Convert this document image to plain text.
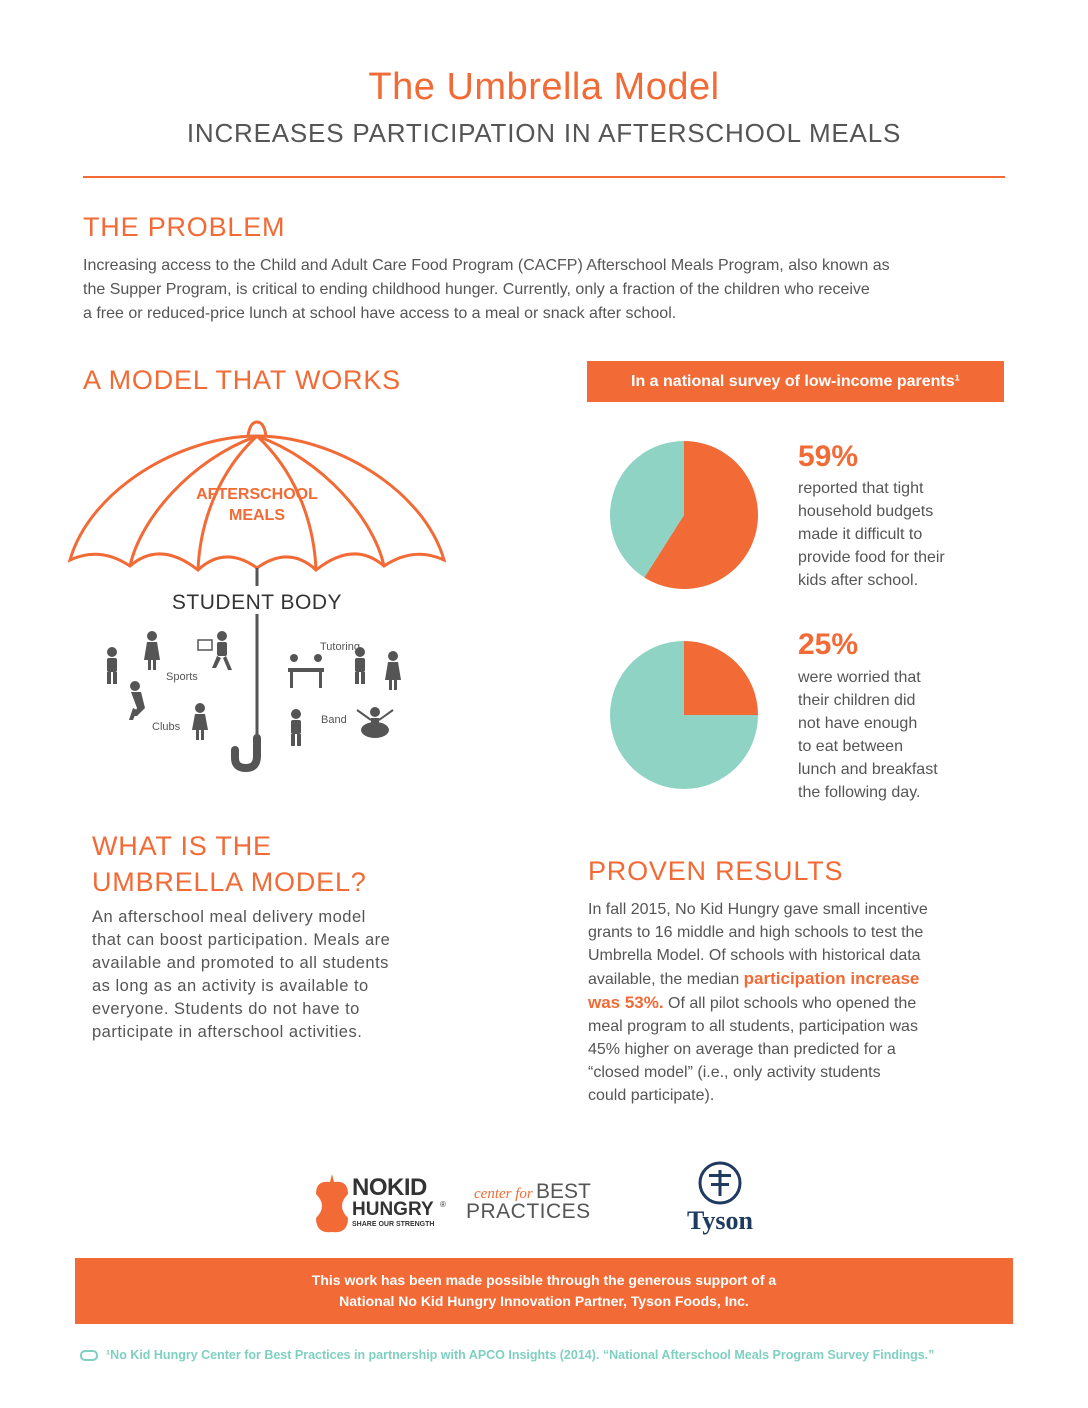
The Umbrella Model
INCREASES PARTICIPATION IN AFTERSCHOOL MEALS
THE PROBLEM
Increasing access to the Child and Adult Care Food Program (CACFP) Afterschool Meals Program, also known as
the Supper Program, is critical to ending childhood hunger. Currently, only a fraction of the children who receive
a free or reduced-price lunch at school have access to a meal or snack after school.
A MODEL THAT WORKS
AFTERSCHOOL
MEALS
STUDENT BODY
Sports
Clubs
Tutoring
Band
In a national survey of low-income parents¹
59%
reported that tight
household budgets
made it difficult to
provide food for their
kids after school.
25%
were worried that
their children did
not have enough
to eat between
lunch and breakfast
the following day.
WHAT IS THE
UMBRELLA MODEL?
An afterschool meal delivery model
that can boost participation. Meals are
available and promoted to all students
as long as an activity is available to
everyone. Students do not have to
participate in afterschool activities.
PROVEN RESULTS
In fall 2015, No Kid Hungry gave small incentive
grants to 16 middle and high schools to test the
Umbrella Model. Of schools with historical data
available, the median participation increase
was 53%. Of all pilot schools who opened the
meal program to all students, participation was
45% higher on average than predicted for a
“closed model” (i.e., only activity students
could participate).
NOKID
HUNGRY ®
SHARE OUR STRENGTH
center for BEST
PRACTICES	Tyson
This work has been made possible through the generous support of a
National No Kid Hungry Innovation Partner, Tyson Foods, Inc.
¹No Kid Hungry Center for Best Practices in partnership with APCO Insights (2014). “National Afterschool Meals Program Survey Findings.”
